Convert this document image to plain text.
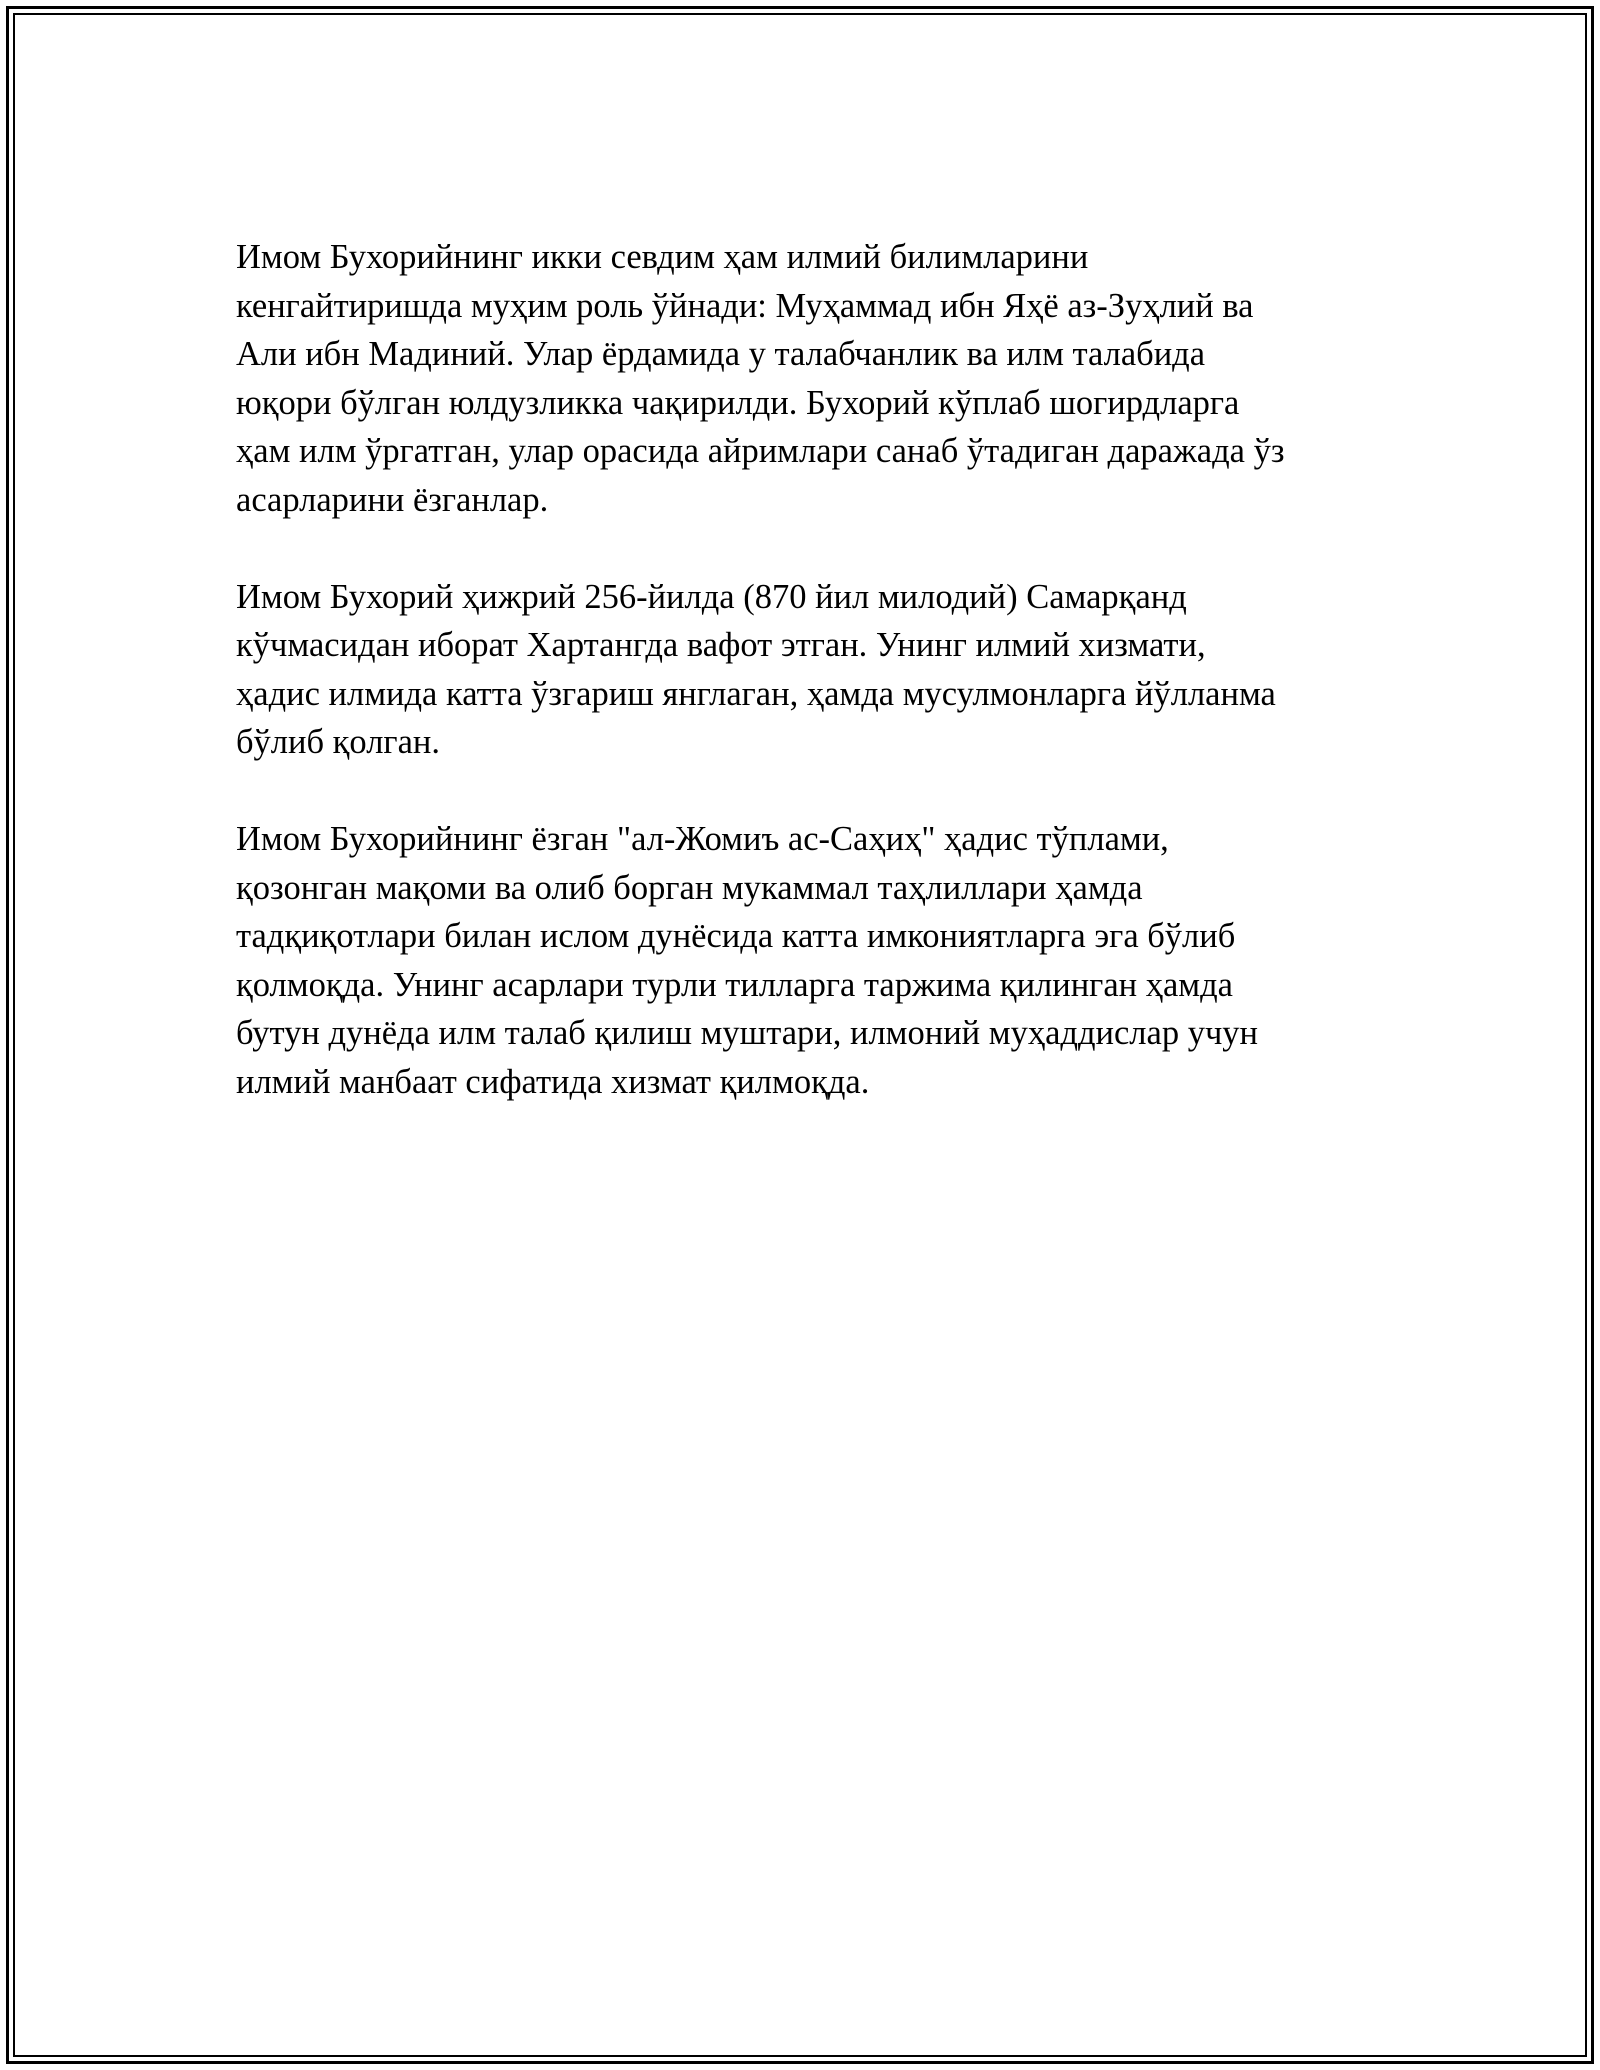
Имом Бухорийнинг икки севдим ҳам илмий билимларини
кенгайтиришда муҳим роль ўйнади: Муҳаммад ибн Яҳё аз-Зуҳлий ва
Али ибн Мадиний. Улар ёрдамида у талабчанлик ва илм талабида
юқори бўлган юлдузликка чақирилди. Бухорий кўплаб шогирдларга
ҳам илм ўргатган, улар орасида айримлари санаб ўтадиган даражада ўз
асарларини ёзганлар.

Имом Бухорий ҳижрий 256-йилда (870 йил милодий) Самарқанд
кўчмасидан иборат Хартангда вафот этган. Унинг илмий хизмати,
ҳадис илмида катта ўзгариш янглаган, ҳамда мусулмонларга йўлланма
бўлиб қолган.

Имом Бухорийнинг ёзган "ал-Жомиъ ас-Саҳиҳ" ҳадис тўплами,
қозонган мақоми ва олиб борган мукаммал таҳлиллари ҳамда
тадқиқотлари билан ислом дунёсида катта имкониятларга эга бўлиб
қолмоқда. Унинг асарлари турли тилларга таржима қилинган ҳамда
бутун дунёда илм талаб қилиш муштари, илмоний муҳаддислар учун
илмий манбаат сифатида хизмат қилмоқда.
